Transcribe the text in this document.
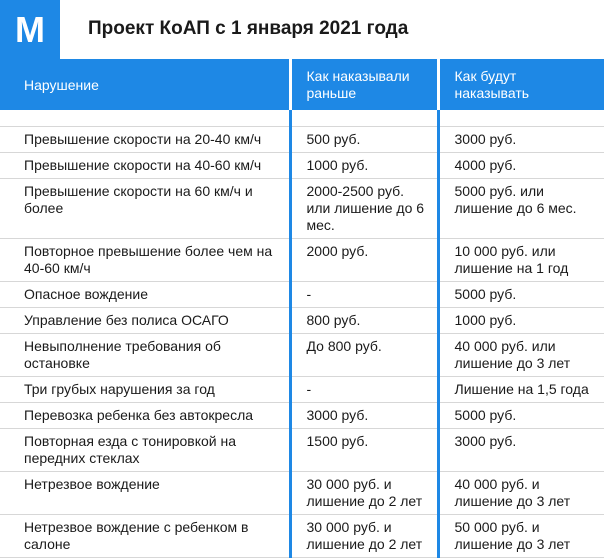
M	Проект КоАП с 1 января 2021 года
Нарушение	Как наказывали раньше	Как будут наказывать

Превышение скорости на 20-40 км/ч	500 руб.	3000 руб.
Превышение скорости на 40-60 км/ч	1000 руб.	4000 руб.
Превышение скорости на 60 км/ч и более	2000-2500 руб. или лишение до 6 мес.	5000 руб. или лишение до 6 мес.
Повторное превышение более чем на 40-60 км/ч	2000 руб.	10 000 руб. или лишение на 1 год
Опасное вождение	-	5000 руб.
Управление без полиса ОСАГО	800 руб.	1000 руб.
Невыполнение требования об остановке	До 800 руб.	40 000 руб. или лишение до 3 лет
Три грубых нарушения за год	-	Лишение на 1,5 года
Перевозка ребенка без автокресла	3000 руб.	5000 руб.
Повторная езда с тонировкой на передних стеклах	1500 руб.	3000 руб.
Нетрезвое вождение	30 000 руб. и лишение до 2 лет	40 000 руб. и лишение до 3 лет
Нетрезвое вождение с ребенком в салоне	30 000 руб. и лишение до 2 лет	50 000 руб. и лишение до 3 лет
